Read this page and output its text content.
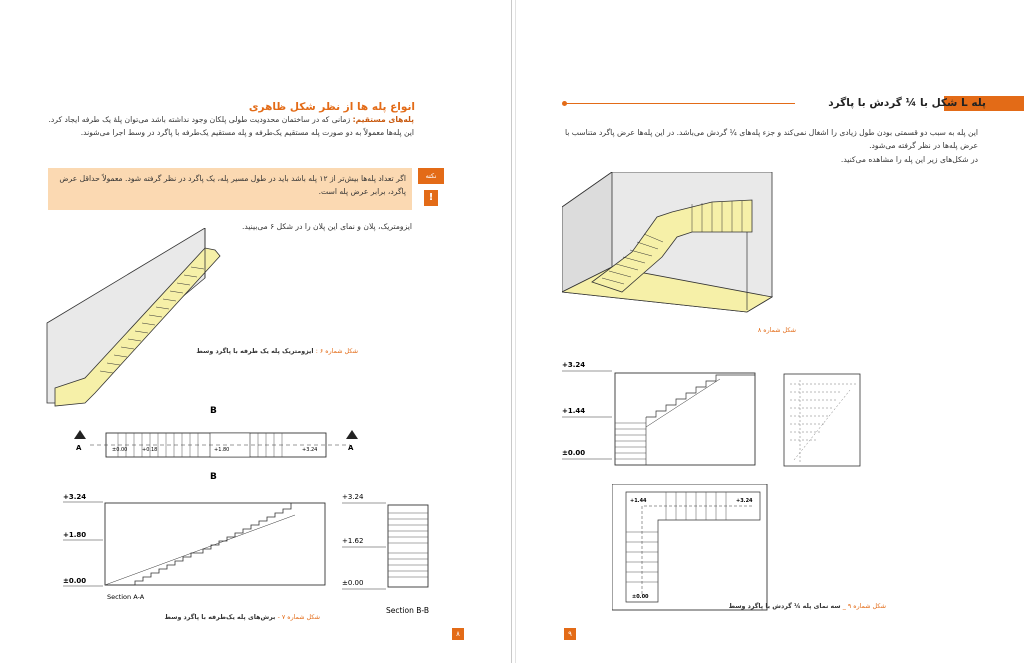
انواع پله ها از نظر شکل ظاهری
پله‌های مستقیم: زمانی که در ساختمان محدودیت طولی پلکان وجود نداشته باشد می‌توان پلهٔ یک طرفه ایجاد کرد. این پله‌ها معمولاً به دو صورت پله مستقیم یک‌طرفه و پله مستقیم یک‌طرفه با پاگرد در وسط اجرا می‌شوند.
اگر تعداد پله‌ها بیش‌تر از ۱۲ پله باشد باید در طول مسیر پله، یک پاگرد در نظر گرفته شود. معمولاً حداقل عرض پاگرد، برابر عرض پله است.
نکته
!
ایزومتریک، پلان و نمای این پلان را در شکل ۶ می‌بینید.
شکل شماره ۶ : ایزومتریک پله یک طرفه با پاگرد وسط
A	A
B
B
±0.00	+0.18	+1.80	+3.24
+3.24
+1.80
±0.00
Section A-A
+3.24
+1.62
±0.00
Section B-B
شکل شماره ۷ - برش‌های پله یک‌طرفه با پاگرد وسط
۸
پله L شکل با ¼ گردش با پاگرد
این پله به سبب دو قسمتی بودن طول زیادی را اشغال نمی‌کند و جزء پله‌های ¼ گردش می‌باشد. در این پله‌ها عرض پاگرد متناسب با عرض پله‌ها در نظر گرفته می‌شود.
در شکل‌های زیر این پله را مشاهده می‌کنید.
شکل شماره ۸
+3.24
+1.44
±0.00
+1.44	+3.24
±0.00
شکل شماره ۹ _ سه نمای پله ¼ گردش با پاگرد وسط
۹
